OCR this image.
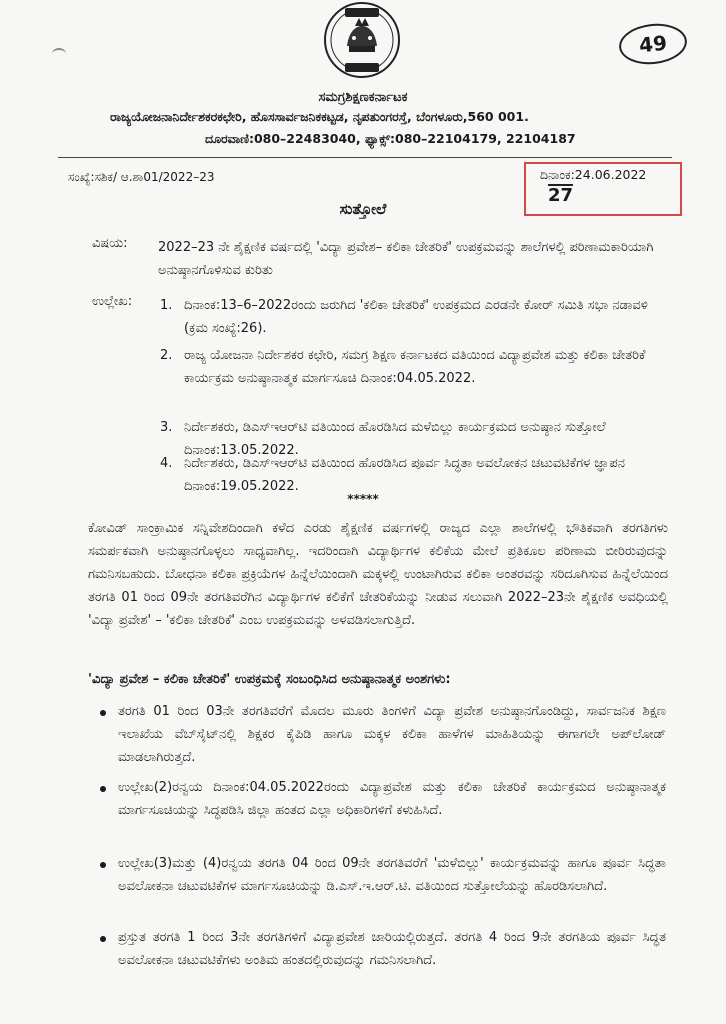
49
ಸಮಗ್ರಶಿಕ್ಷಣಕರ್ನಾಟಕ
ರಾಜ್ಯಯೋಜನಾನಿರ್ದೇಶಕರಕಛೇರಿ, ಹೊಸಸಾರ್ವಜನಿಕಕಟ್ಟಡ, ನೃಪತುಂಗರಸ್ತೆ, ಬೆಂಗಳೂರು,560 001.
ದೂರವಾಣಿ:080–22483040, ಫ್ಯಾಕ್ಸ್:080–22104179, 22104187
ಸಂಖ್ಯೆ:ಸಶಿಕ/ ಆ.ಶಾ01/2022–23	ದಿನಾಂಕ:24.06.2022
27
ಸುತ್ತೋಲೆ
ವಿಷಯ: 2022–23 ನೇ ಶೈಕ್ಷಣಿಕ ವರ್ಷದಲ್ಲಿ 'ವಿದ್ಯಾ ಪ್ರವೇಶ– ಕಲಿಕಾ ಚೇತರಿಕೆ' ಉಪಕ್ರಮವನ್ನು ಶಾಲೆಗಳಲ್ಲಿ ಪರಿಣಾಮಕಾರಿಯಾಗಿ ಅನುಷ್ಠಾನಗೊಳಿಸುವ ಕುರಿತು
ಉಲ್ಲೇಖ: 1. ದಿನಾಂಕ:13–6–2022ರಂದು ಜರುಗಿದ 'ಕಲಿಕಾ ಚೇತರಿಕೆ' ಉಪಕ್ರಮದ ಎರಡನೇ ಕೋರ್ ಸಮಿತಿ ಸಭಾ ನಡಾವಳಿ (ಕ್ರಮ ಸಂಖ್ಯೆ:26).
2. ರಾಜ್ಯ ಯೋಜನಾ ನಿರ್ದೇಶಕರ ಕಛೇರಿ, ಸಮಗ್ರ ಶಿಕ್ಷಣ ಕರ್ನಾಟಕದ ವತಿಯಿಂದ ವಿದ್ಯಾಪ್ರವೇಶ ಮತ್ತು ಕಲಿಕಾ ಚೇತರಿಕೆ ಕಾರ್ಯಕ್ರಮ ಅನುಷ್ಠಾನಾತ್ಮಕ ಮಾರ್ಗಸೂಚಿ ದಿನಾಂಕ:04.05.2022.
3. ನಿರ್ದೇಶಕರು, ಡಿಎಸ್‌ಇಆರ್‌ಟಿ ವತಿಯಿಂದ ಹೊರಡಿಸಿದ ಮಳೆಬಿಲ್ಲು ಕಾರ್ಯಕ್ರಮದ ಅನುಷ್ಠಾನ ಸುತ್ತೋಲೆ ದಿನಾಂಕ:13.05.2022.
4. ನಿರ್ದೇಶಕರು, ಡಿಎಸ್‌ಇಆರ್‌ಟಿ ವತಿಯಿಂದ ಹೊರಡಿಸಿದ ಪೂರ್ವ ಸಿದ್ಧತಾ ಅವಲೋಕನ ಚಟುವಟಿಕೆಗಳ ಜ್ಞಾಪನ ದಿನಾಂಕ:19.05.2022.
*****
ಕೋವಿಡ್ ಸಾಂಕ್ರಾಮಿಕ ಸನ್ನಿವೇಶದಿಂದಾಗಿ ಕಳೆದ ಎರಡು ಶೈಕ್ಷಣಿಕ ವರ್ಷಗಳಲ್ಲಿ ರಾಜ್ಯದ ಎಲ್ಲಾ ಶಾಲೆಗಳಲ್ಲಿ ಭೌತಿಕವಾಗಿ ತರಗತಿಗಳು ಸಮರ್ಪಕವಾಗಿ ಅನುಷ್ಠಾನಗೊಳ್ಳಲು ಸಾಧ್ಯವಾಗಿಲ್ಲ. ಇದರಿಂದಾಗಿ ವಿದ್ಯಾರ್ಥಿಗಳ ಕಲಿಕೆಯ ಮೇಲೆ ಪ್ರತಿಕೂಲ ಪರಿಣಾಮ ಬೀರಿರುವುದನ್ನು ಗಮನಿಸಬಹುದು. ಬೋಧನಾ ಕಲಿಕಾ ಪ್ರಕ್ರಿಯೆಗಳ ಹಿನ್ನೆಲೆಯಿಂದಾಗಿ ಮಕ್ಕಳಲ್ಲಿ ಉಂಟಾಗಿರುವ ಕಲಿಕಾ ಅಂತರವನ್ನು ಸರಿದೂಗಿಸುವ ಹಿನ್ನೆಲೆಯಿಂದ ತರಗತಿ 01 ರಿಂದ 09ನೇ ತರಗತಿವರೆಗಿನ ವಿದ್ಯಾರ್ಥಿಗಳ ಕಲಿಕೆಗೆ ಚೇತರಿಕೆಯನ್ನು ನೀಡುವ ಸಲುವಾಗಿ 2022–23ನೇ ಶೈಕ್ಷಣಿಕ ಅವಧಿಯಲ್ಲಿ 'ವಿದ್ಯಾ ಪ್ರವೇಶ' – 'ಕಲಿಕಾ ಚೇತರಿಕೆ' ಎಂಬ ಉಪಕ್ರಮವನ್ನು ಅಳವಡಿಸಲಾಗುತ್ತಿದೆ.
'ವಿದ್ಯಾ ಪ್ರವೇಶ – ಕಲಿಕಾ ಚೇತರಿಕೆ' ಉಪಕ್ರಮಕ್ಕೆ ಸಂಬಂಧಿಸಿದ ಅನುಷ್ಠಾನಾತ್ಮಕ ಅಂಶಗಳು:
ತರಗತಿ 01 ರಿಂದ 03ನೇ ತರಗತಿವರೆಗೆ ಮೊದಲ ಮೂರು ತಿಂಗಳಿಗೆ ವಿದ್ಯಾ ಪ್ರವೇಶ ಅನುಷ್ಠಾನಗೊಂಡಿದ್ದು, ಸಾರ್ವಜನಿಕ ಶಿಕ್ಷಣ ಇಲಾಖೆಯ ವೆಬ್‌ಸೈಟ್‌ನಲ್ಲಿ ಶಿಕ್ಷಕರ ಕೈಪಿಡಿ ಹಾಗೂ ಮಕ್ಕಳ ಕಲಿಕಾ ಹಾಳೆಗಳ ಮಾಹಿತಿಯನ್ನು ಈಗಾಗಲೇ ಅಪ್‌ಲೋಡ್ ಮಾಡಲಾಗಿರುತ್ತದೆ.
ಉಲ್ಲೇಖ(2)ರನ್ವಯ ದಿನಾಂಕ:04.05.2022ರಂದು ವಿದ್ಯಾಪ್ರವೇಶ ಮತ್ತು ಕಲಿಕಾ ಚೇತರಿಕೆ ಕಾರ್ಯಕ್ರಮದ ಅನುಷ್ಠಾನಾತ್ಮಕ ಮಾರ್ಗಸೂಚಿಯನ್ನು ಸಿದ್ಧಪಡಿಸಿ ಜಿಲ್ಲಾ ಹಂತದ ಎಲ್ಲಾ ಅಧಿಕಾರಿಗಳಿಗೆ ಕಳುಹಿಸಿದೆ.
ಉಲ್ಲೇಖ(3)ಮತ್ತು (4)ರನ್ವಯ ತರಗತಿ 04 ರಿಂದ 09ನೇ ತರಗತಿವರೆಗೆ 'ಮಳೆಬಿಲ್ಲು' ಕಾರ್ಯಕ್ರಮವನ್ನು ಹಾಗೂ ಪೂರ್ವ ಸಿದ್ಧತಾ ಅವಲೋಕನಾ ಚಟುವಟಿಕೆಗಳ ಮಾರ್ಗಸೂಚಿಯನ್ನು ಡಿ.ಎಸ್.ಇ.ಆರ್.ಟಿ. ವತಿಯಿಂದ ಸುತ್ತೋಲೆಯನ್ನು ಹೊರಡಿಸಲಾಗಿದೆ.
ಪ್ರಸ್ತುತ ತರಗತಿ 1 ರಿಂದ 3ನೇ ತರಗತಿಗಳಿಗೆ ವಿದ್ಯಾಪ್ರವೇಶ ಜಾರಿಯಲ್ಲಿರುತ್ತದೆ. ತರಗತಿ 4 ರಿಂದ 9ನೇ ತರಗತಿಯ ಪೂರ್ವ ಸಿದ್ಧತ ಅವಲೋಕನಾ ಚಟುವಟಿಕೆಗಳು ಅಂತಿಮ ಹಂತದಲ್ಲಿರುವುದನ್ನು ಗಮನಿಸಲಾಗಿದೆ.
